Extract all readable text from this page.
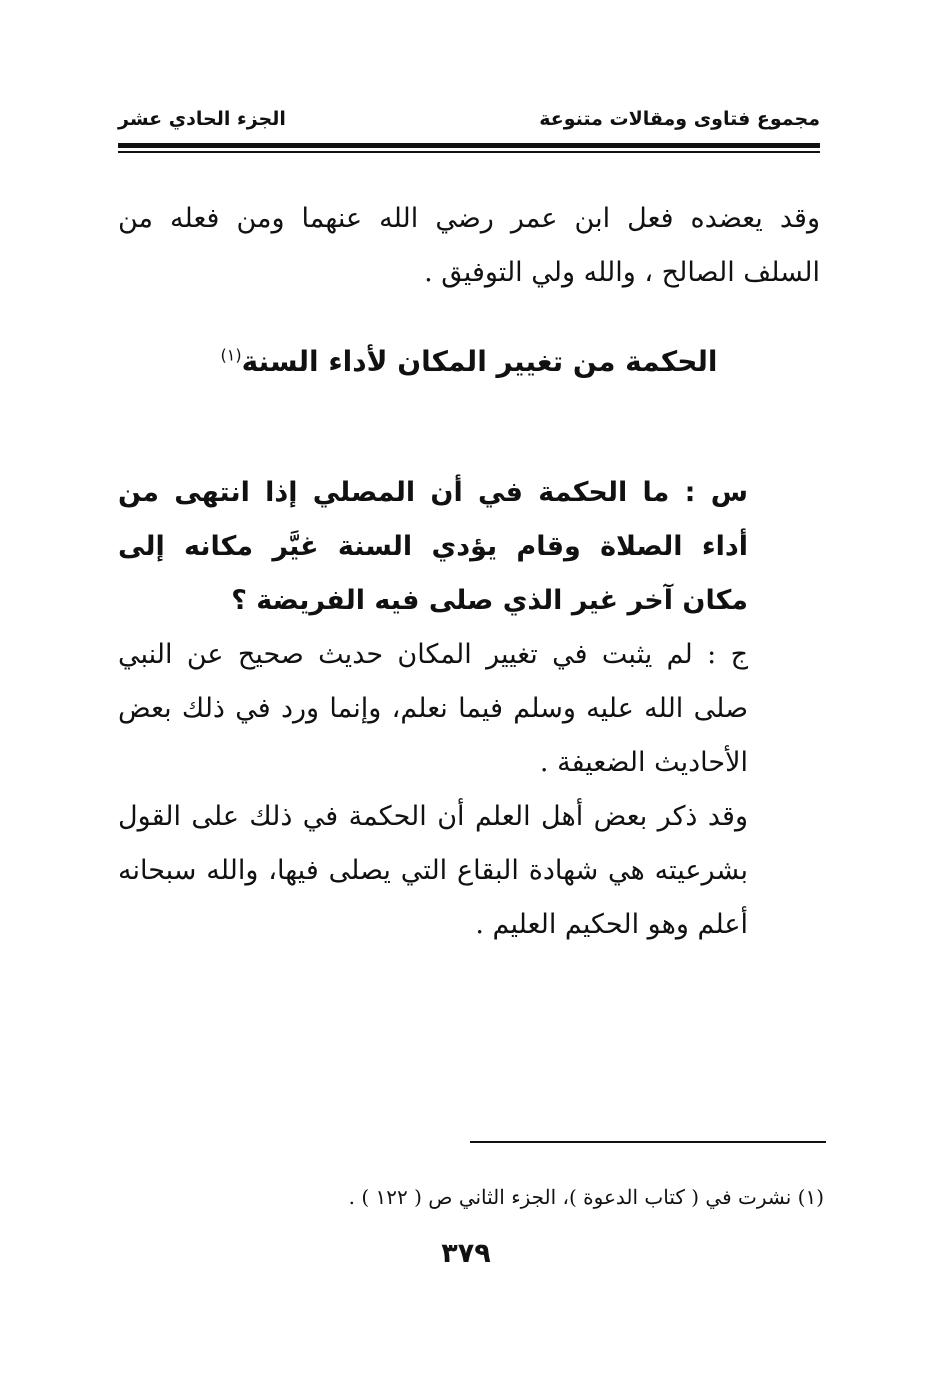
مجموع فتاوى ومقالات متنوعة
الجزء الحادي عشر

وقد يعضده فعل ابن عمر رضي الله عنهما ومن فعله من السلف الصالح ، والله ولي التوفيق .

الحكمة من تغيير المكان لأداء السنة$^{(١)}$

س : ما الحكمة في أن المصلي إذا انتهى من أداء الصلاة وقام يؤدي السنة غيَّر مكانه إلى مكان آخر غير الذي صلى فيه الفريضة ؟

ج : لم يثبت في تغيير المكان حديث صحيح عن النبي صلى الله عليه وسلم فيما نعلم، وإنما ورد في ذلك بعض الأحاديث الضعيفة .

وقد ذكر بعض أهل العلم أن الحكمة في ذلك على القول بشرعيته هي شهادة البقاع التي يصلى فيها، والله سبحانه أعلم وهو الحكيم العليم .

(١) نشرت في ( كتاب الدعوة )، الجزء الثاني ص ( ١٢٢ ) .

٣٧٩
